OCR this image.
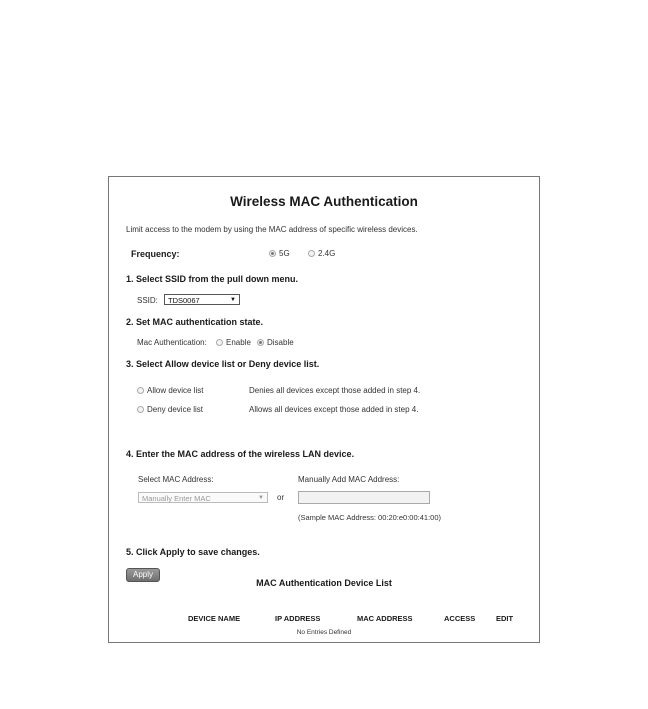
Wireless MAC Authentication
Limit access to the modem by using the MAC address of specific wireless devices.
Frequency:	5G	2.4G
1. Select SSID from the pull down menu.
SSID:	TDS0067	▼
2. Set MAC authentication state.
Mac Authentication:	Enable	Disable
3. Select Allow device list or Deny device list.
Allow device list	Denies all devices except those added in step 4.
Deny device list	Allows all devices except those added in step 4.
4. Enter the MAC address of the wireless LAN device.
Select MAC Address:	Manually Add MAC Address:
Manually Enter MAC	▼ or
(Sample MAC Address: 00:20:e0:00:41:00)
5. Click Apply to save changes.
Apply
MAC Authentication Device List
DEVICE NAME	IP ADDRESS	MAC ADDRESS	ACCESS	EDIT
No Entries Defined
